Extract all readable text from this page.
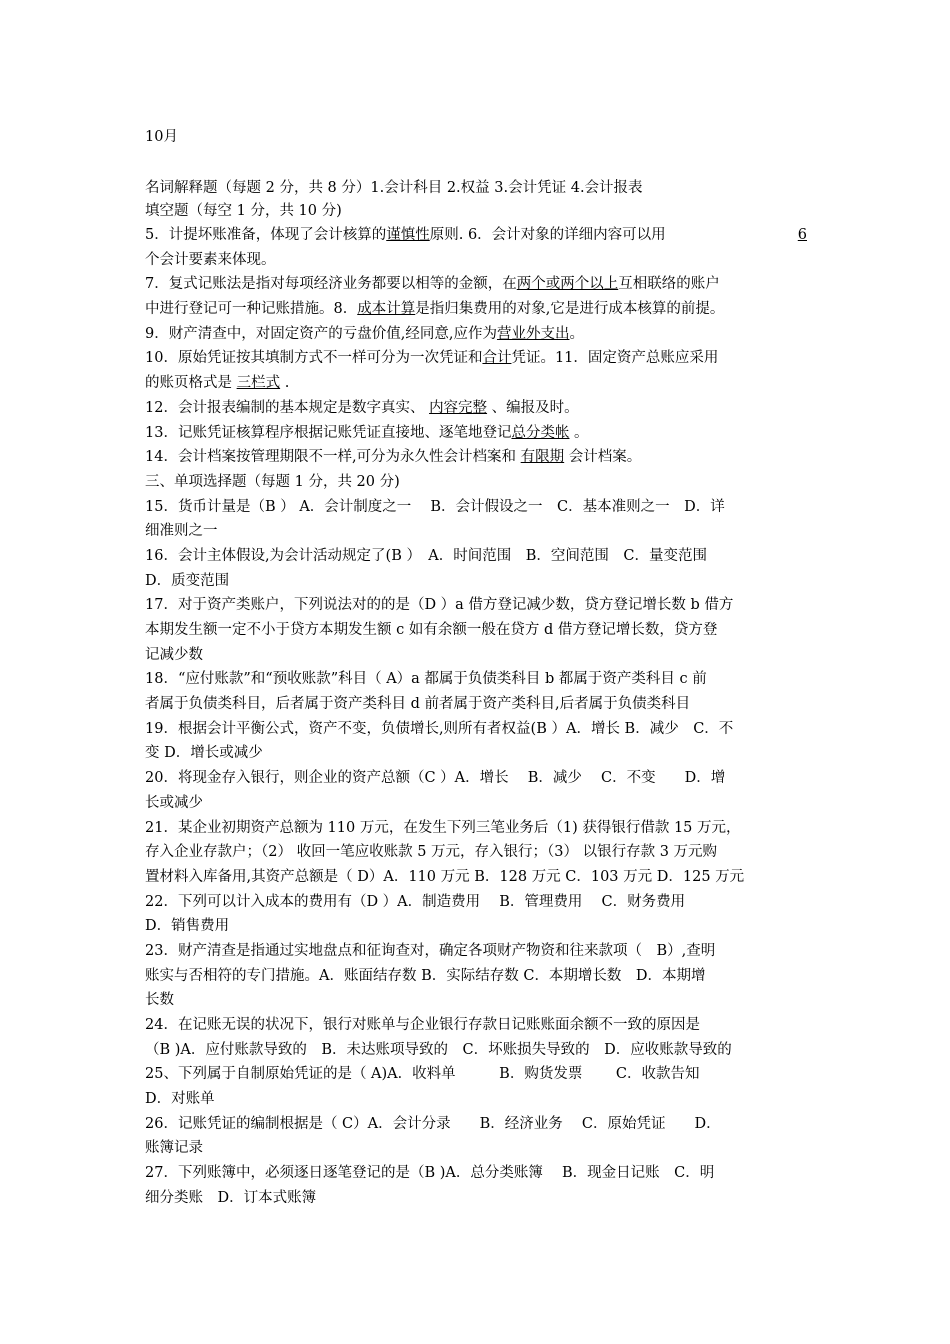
10月
名词解释题（每题 2 分，共 8 分）1.会计科目 2.权益 3.会计凭证 4.会计报表
填空题（每空 1 分，共 10 分)
5．计提坏账准备，体现了会计核算的谨慎性原则. 6．会计对象的详细内容可以用	6
个会计要素来体现。
7．复式记账法是指对每项经济业务都要以相等的金额，在两个或两个以上互相联络的账户
中进行登记可一种记账措施。8．成本计算是指归集费用的对象,它是进行成本核算的前提。
9．财产清查中，对固定资产的亏盘价值,经同意,应作为营业外支出。
10．原始凭证按其填制方式不一样可分为一次凭证和合计凭证。11．固定资产总账应采用
的账页格式是 三栏式 .
12．会计报表编制的基本规定是数字真实、 内容完整 、编报及时。
13．记账凭证核算程序根据记账凭证直接地、逐笔地登记总分类帐 。
14．会计档案按管理期限不一样,可分为永久性会计档案和 有限期 会计档案。
三、单项选择题（每题 1 分，共 20 分)
15．货币计量是（B ） A．会计制度之一　 B．会计假设之一　C．基本准则之一　D．详
细准则之一
16．会计主体假设,为会计活动规定了(B ）　A．时间范围　B．空间范围　C．量变范围
D．质变范围
17．对于资产类账户，下列说法对的的是（D ）a 借方登记减少数，贷方登记增长数 b 借方
本期发生额一定不小于贷方本期发生额 c 如有余额一般在贷方 d 借方登记增长数，贷方登
记减少数
18．“应付账款”和“预收账款”科目（ A）a 都属于负债类科目 b 都属于资产类科目 c 前
者属于负债类科目，后者属于资产类科目 d 前者属于资产类科目,后者属于负债类科目
19．根据会计平衡公式，资产不变，负债增长,则所有者权益(B ）A．增长 B．减少　C．不
变 D．增长或减少
20．将现金存入银行，则企业的资产总额（C ）A．增长　 B．减少　 C．不变　　D．增
长或减少
21．某企业初期资产总额为 110 万元，在发生下列三笔业务后（1) 获得银行借款 15 万元，
存入企业存款户；（2） 收回一笔应收账款 5 万元，存入银行；（3） 以银行存款 3 万元购
置材料入库备用,其资产总额是（ D）A．110 万元 B．128 万元 C．103 万元 D．125 万元
22．下列可以计入成本的费用有（D ）A．制造费用　 B．管理费用　 C．财务费用
D．销售费用
23．财产清查是指通过实地盘点和征询查对，确定各项财产物资和往来款项（　B）,查明
账实与否相符的专门措施。A．账面结存数 B．实际结存数 C．本期增长数　D．本期增
长数
24．在记账无误的状况下，银行对账单与企业银行存款日记账账面余额不一致的原因是
（B )A．应付账款导致的　B．未达账项导致的　C．坏账损失导致的　D．应收账款导致的
25、下列属于自制原始凭证的是（ A)A．收料单　　　B．购货发票　　 C．收款告知
D．对账单
26．记账凭证的编制根据是（ C）A．会计分录　　B．经济业务　 C．原始凭证　　D．
账簿记录
27．下列账簿中，必须逐日逐笔登记的是（B )A．总分类账簿　 B．现金日记账　C．明
细分类账　D．订本式账簿
